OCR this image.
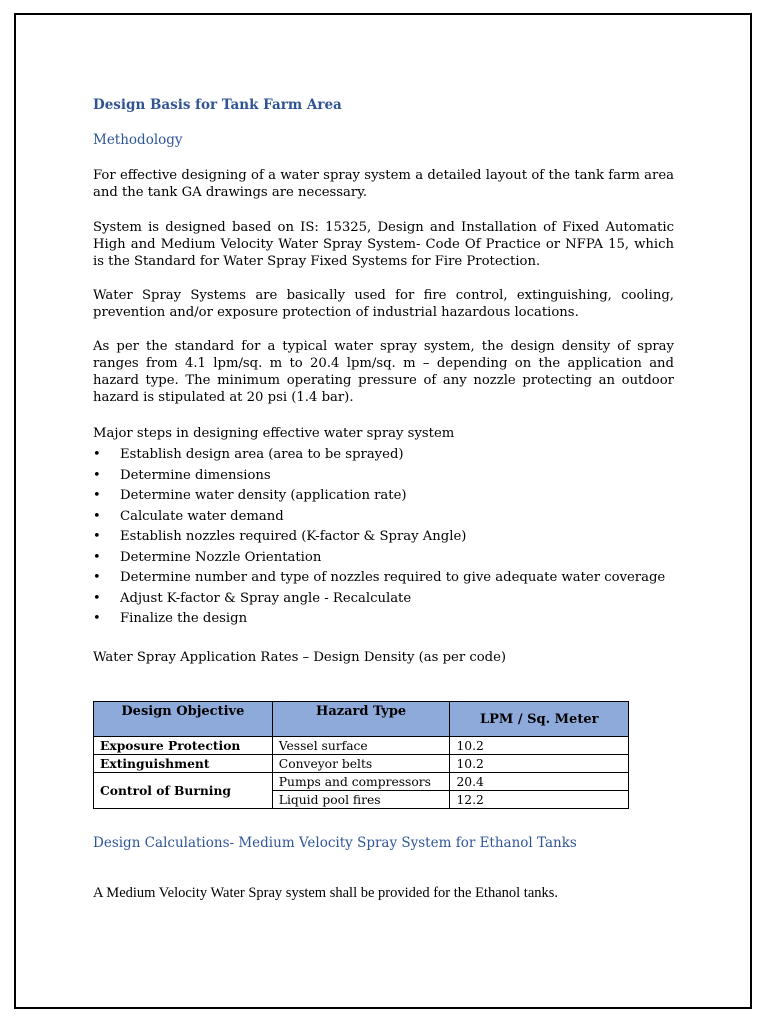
Design Basis for Tank Farm Area
Methodology

For effective designing of a water spray system a detailed layout of the tank farm area and the tank GA drawings are necessary.

System is designed based on IS: 15325, Design and Installation of Fixed Automatic High and Medium Velocity Water Spray System- Code Of Practice or NFPA 15, which is the Standard for Water Spray Fixed Systems for Fire Protection.

Water Spray Systems are basically used for fire control, extinguishing, cooling, prevention and/or exposure protection of industrial hazardous locations.

As per the standard for a typical water spray system, the design density of spray ranges from 4.1 lpm/sq. m to 20.4 lpm/sq. m – depending on the application and hazard type. The minimum operating pressure of any nozzle protecting an outdoor hazard is stipulated at 20 psi (1.4 bar).

Major steps in designing effective water spray system

• Establish design area (area to be sprayed)
• Determine dimensions
• Determine water density (application rate)
• Calculate water demand
• Establish nozzles required (K-factor & Spray Angle)
• Determine Nozzle Orientation
• Determine number and type of nozzles required to give adequate water coverage
• Adjust K-factor & Spray angle - Recalculate
• Finalize the design

Water Spray Application Rates – Design Density (as per code)

Design Objective	Hazard Type	LPM / Sq. Meter
Exposure Protection	Vessel surface	10.2
Extinguishment	Conveyor belts	10.2
Control of Burning	Pumps and compressors	20.4
	Liquid pool fires	12.2
Design Calculations- Medium Velocity Spray System for Ethanol Tanks

A Medium Velocity Water Spray system shall be provided for the Ethanol tanks.
